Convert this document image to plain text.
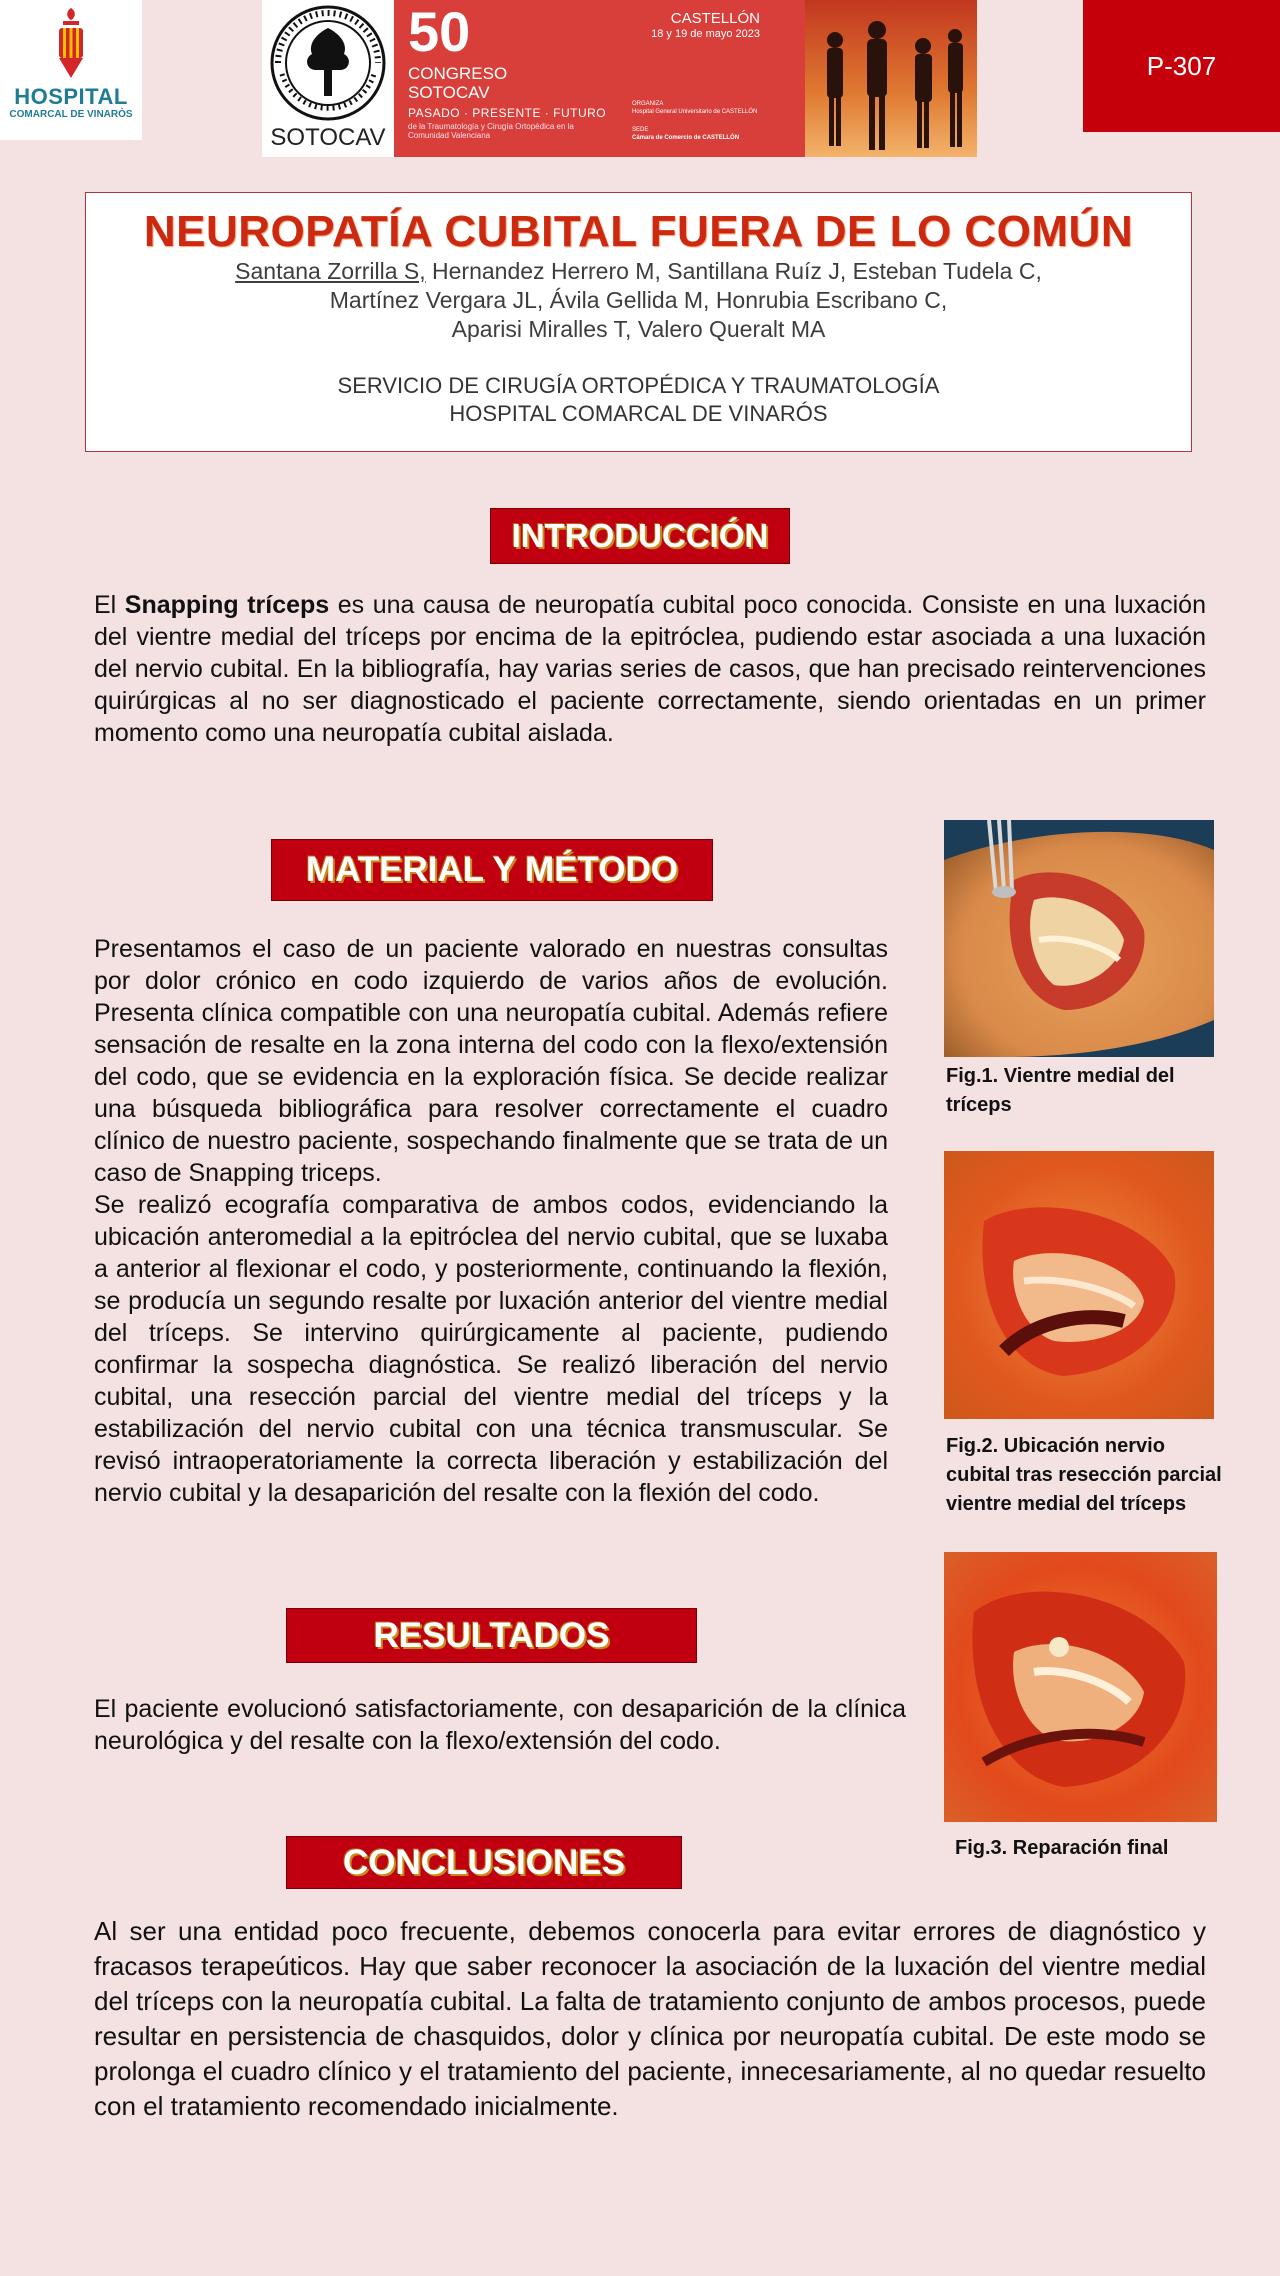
HOSPITAL
COMARCAL DE VINARÒS
SOTOCAV
50
CONGRESO
SOTOCAV
PASADO · PRESENTE · FUTURO
de la Traumatología y Cirugía Ortopédica en la Comunidad Valenciana
CASTELLÓN
18 y 19 de mayo 2023
ORGANIZA
Hospital General Universitario de CASTELLÓN
SEDE
Cámara de Comercio de CASTELLÓN
P-307
NEUROPATÍA CUBITAL FUERA DE LO COMÚN
Santana Zorrilla S, Hernandez Herrero M, Santillana Ruíz J, Esteban Tudela C,
Martínez Vergara JL, Ávila Gellida M, Honrubia Escribano C,
Aparisi Miralles T, Valero Queralt MA
SERVICIO DE CIRUGÍA ORTOPÉDICA Y TRAUMATOLOGÍA
HOSPITAL COMARCAL DE VINARÓS
INTRODUCCIÓN
El Snapping tríceps es una causa de neuropatía cubital poco conocida. Consiste en una luxación del vientre medial del tríceps por encima de la epitróclea, pudiendo estar asociada a una luxación del nervio cubital. En la bibliografía, hay varias series de casos, que han precisado reintervenciones quirúrgicas al no ser diagnosticado el paciente correctamente, siendo orientadas en un primer momento como una neuropatía cubital aislada.
MATERIAL Y MÉTODO
Presentamos el caso de un paciente valorado en nuestras consultas por dolor crónico en codo izquierdo de varios años de evolución. Presenta clínica compatible con una neuropatía cubital. Además refiere sensación de resalte en la zona interna del codo con la flexo/extensión del codo, que se evidencia en la exploración física. Se decide realizar una búsqueda bibliográfica para resolver correctamente el cuadro clínico de nuestro paciente, sospechando finalmente que se trata de un caso de Snapping triceps.
Se realizó ecografía comparativa de ambos codos, evidenciando la ubicación anteromedial a la epitróclea del nervio cubital, que se luxaba a anterior al flexionar el codo, y posteriormente, continuando la flexión, se producía un segundo resalte por luxación anterior del vientre medial del tríceps. Se intervino quirúrgicamente al paciente, pudiendo confirmar la sospecha diagnóstica. Se realizó liberación del nervio cubital, una resección parcial del vientre medial del tríceps y la estabilización del nervio cubital con una técnica transmuscular. Se revisó intraoperatoriamente la correcta liberación y estabilización del nervio cubital y la desaparición del resalte con la flexión del codo.
Fig.1. Vientre medial del
tríceps
Fig.2. Ubicación nervio
cubital tras resección parcial
vientre medial del tríceps
Fig.3. Reparación final
RESULTADOS
El paciente evolucionó satisfactoriamente, con desaparición de la clínica neurológica y del resalte con la flexo/extensión del codo.
CONCLUSIONES
Al ser una entidad poco frecuente, debemos conocerla para evitar errores de diagnóstico y fracasos terapeúticos. Hay que saber reconocer la asociación de la luxación del vientre medial del tríceps con la neuropatía cubital. La falta de tratamiento conjunto de ambos procesos, puede resultar en persistencia de chasquidos, dolor y clínica por neuropatía cubital. De este modo se prolonga el cuadro clínico y el tratamiento del paciente, innecesariamente, al no quedar resuelto con el tratamiento recomendado inicialmente.
